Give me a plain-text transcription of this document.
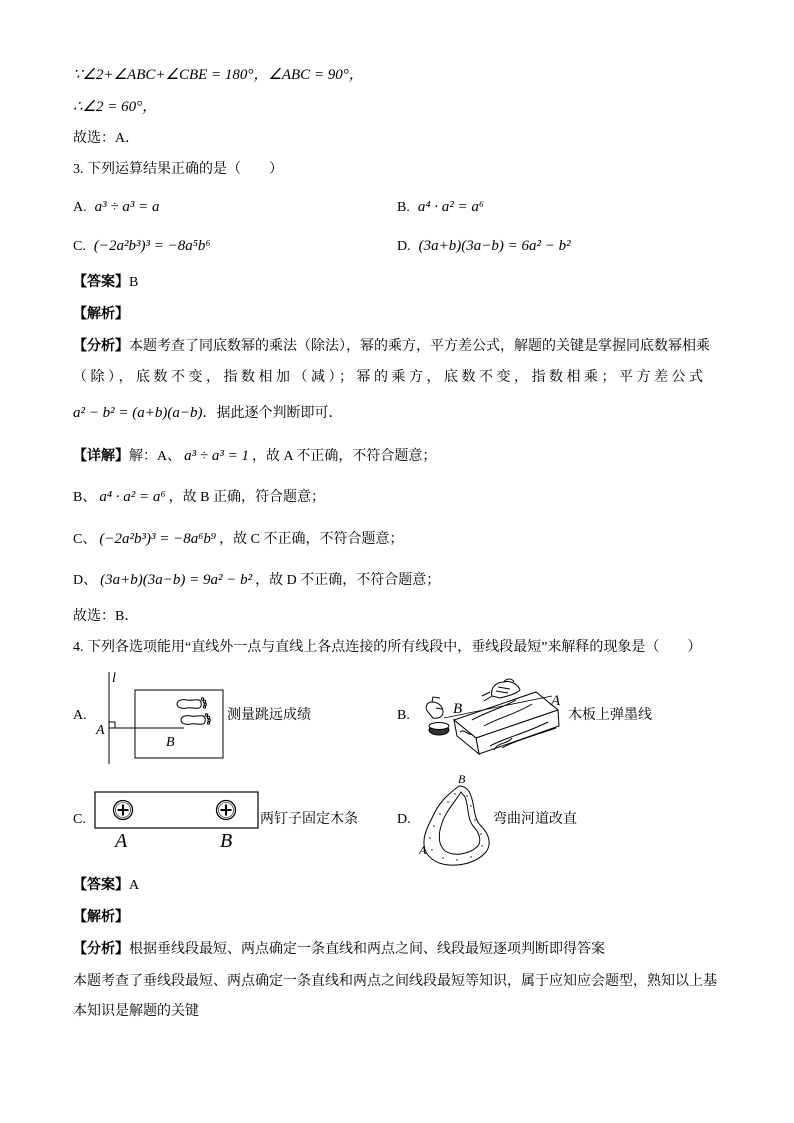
∵∠2+∠ABC+∠CBE = 180°，∠ABC = 90°，
∴∠2 = 60°，
故选：A．
3. 下列运算结果正确的是（　　）
A. a³ ÷ a³ = a	B. a⁴ · a² = a⁶
C. (−2a²b³)³ = −8a⁵b⁶	D. (3a+b)(3a−b) = 6a² − b²
【答案】B
【解析】
【分析】本题考查了同底数幂的乘法（除法），幂的乘方，平方差公式，解题的关键是掌握同底数幂相乘
（除），底数不变，指数相加（减）；幂的乘方，底数不变，指数相乘；平方差公式
a² − b² = (a+b)(a−b)．据此逐个判断即可．
【详解】解：A、 a³ ÷ a³ = 1 ，故 A 不正确，不符合题意；
B、 a⁴ · a² = a⁶ ，故 B 正确，符合题意；
C、 (−2a²b³)³ = −8a⁶b⁹ ，故 C 不正确，不符合题意；
D、 (3a+b)(3a−b) = 9a² − b² ，故 D 不正确，不符合题意；
故选：B．
4. 下列各选项能用“直线外一点与直线上各点连接的所有线段中，垂线段最短”来解释的现象是（　　）
A.
l
A
B
测量跳远成绩	B.	B	A
木板上弹墨线
C.
A	B
两钉子固定木条	D.
B
A
弯曲河道改直
【答案】A
【解析】
【分析】根据垂线段最短、两点确定一条直线和两点之间、线段最短逐项判断即得答案
本题考查了垂线段最短、两点确定一条直线和两点之间线段最短等知识，属于应知应会题型，熟知以上基
本知识是解题的关键
